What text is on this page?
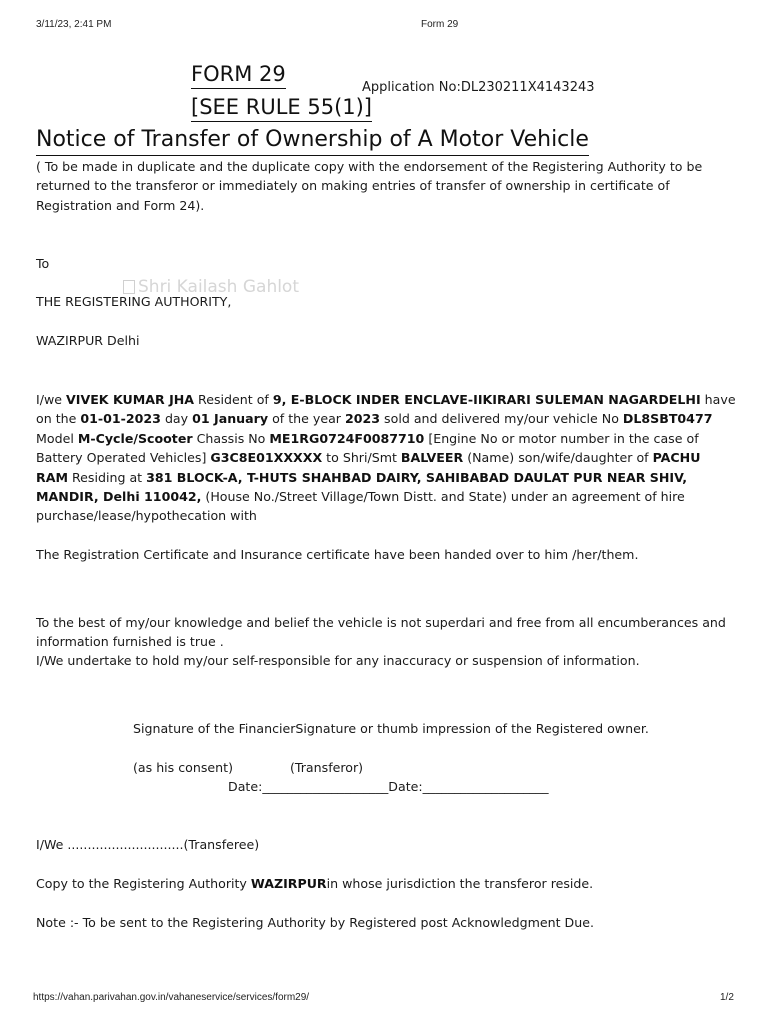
3/11/23, 2:41 PM	Form 29
FORM 29
[SEE RULE 55(1)]
Application No:DL230211X4143243
Notice of Transfer of Ownership of A Motor Vehicle
( To be made in duplicate and the duplicate copy with the endorsement of the Registering Authority to be returned to the transferor or immediately on making entries of transfer of ownership in certificate of Registration and Form 24).
To
Shri Kailash Gahlot
THE REGISTERING AUTHORITY,
WAZIRPUR Delhi
I/we VIVEK KUMAR JHA Resident of 9, E-BLOCK INDER ENCLAVE-IIKIRARI SULEMAN NAGARDELHI have on the 01-01-2023 day 01 January of the year 2023 sold and delivered my/our vehicle No DL8SBT0477 Model M-Cycle/Scooter Chassis No ME1RG0724F0087710 [Engine No or motor number in the case of Battery Operated Vehicles] G3C8E01XXXXX to Shri/Smt BALVEER (Name) son/wife/daughter of PACHU RAM Residing at 381 BLOCK-A, T-HUTS SHAHBAD DAIRY, SAHIBABAD DAULAT PUR NEAR SHIV, MANDIR, Delhi 110042, (House No./Street Village/Town Distt. and State) under an agreement of hire purchase/lease/hypothecation with
The Registration Certificate and Insurance certificate have been handed over to him /her/them.
To the best of my/our knowledge and belief the vehicle is not superdari and free from all encumberances and information furnished is true .
I/We undertake to hold my/our self-responsible for any inaccuracy or suspension of information.
Signature of the FinancierSignature or thumb impression of the Registered owner.
(as his consent)	(Transferor)
Date:____________________Date:____________________
I/We .............................(Transferee)
Copy to the Registering Authority WAZIRPURin whose jurisdiction the transferor reside.
Note :- To be sent to the Registering Authority by Registered post Acknowledgment Due.
https://vahan.parivahan.gov.in/vahaneservice/services/form29/	1/2
